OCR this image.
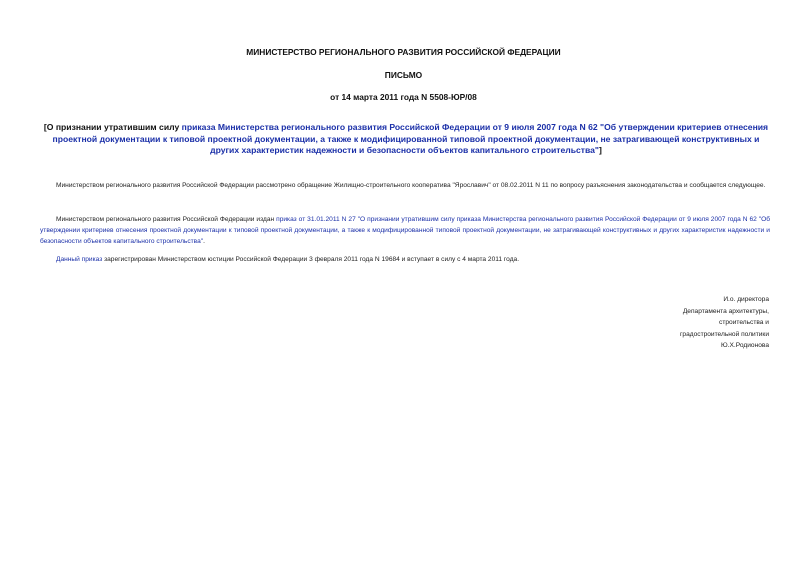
МИНИСТЕРСТВО РЕГИОНАЛЬНОГО РАЗВИТИЯ РОССИЙСКОЙ ФЕДЕРАЦИИ
ПИСЬМО
от 14 марта 2011 года N 5508-ЮР/08
[О признании утратившим силу приказа Министерства регионального развития Российской Федерации от 9 июля 2007 года N 62 "Об утверждении критериев отнесения проектной документации к типовой проектной документации, а также к модифицированной типовой проектной документации, не затрагивающей конструктивных и других характеристик надежности и безопасности объектов капитального строительства"]
Министерством регионального развития Российской Федерации рассмотрено обращение Жилищно-строительного кооператива "Ярославич" от 08.02.2011 N 11 по вопросу разъяснения законодательства и сообщается следующее.
Министерством регионального развития Российской Федерации издан приказ от 31.01.2011 N 27 "О признании утратившим силу приказа Министерства регионального развития Российской Федерации от 9 июля 2007 года N 62 "Об утверждении критериев отнесения проектной документации к типовой проектной документации, а также к модифицированной типовой проектной документации, не затрагивающей конструктивных и других характеристик надежности и безопасности объектов капитального строительства".
Данный приказ зарегистрирован Министерством юстиции Российской Федерации 3 февраля 2011 года N 19684 и вступает в силу с 4 марта 2011 года.
И.о. директора
Департамента архитектуры,
строительства и
градостроительной политики
Ю.Х.Родионова
